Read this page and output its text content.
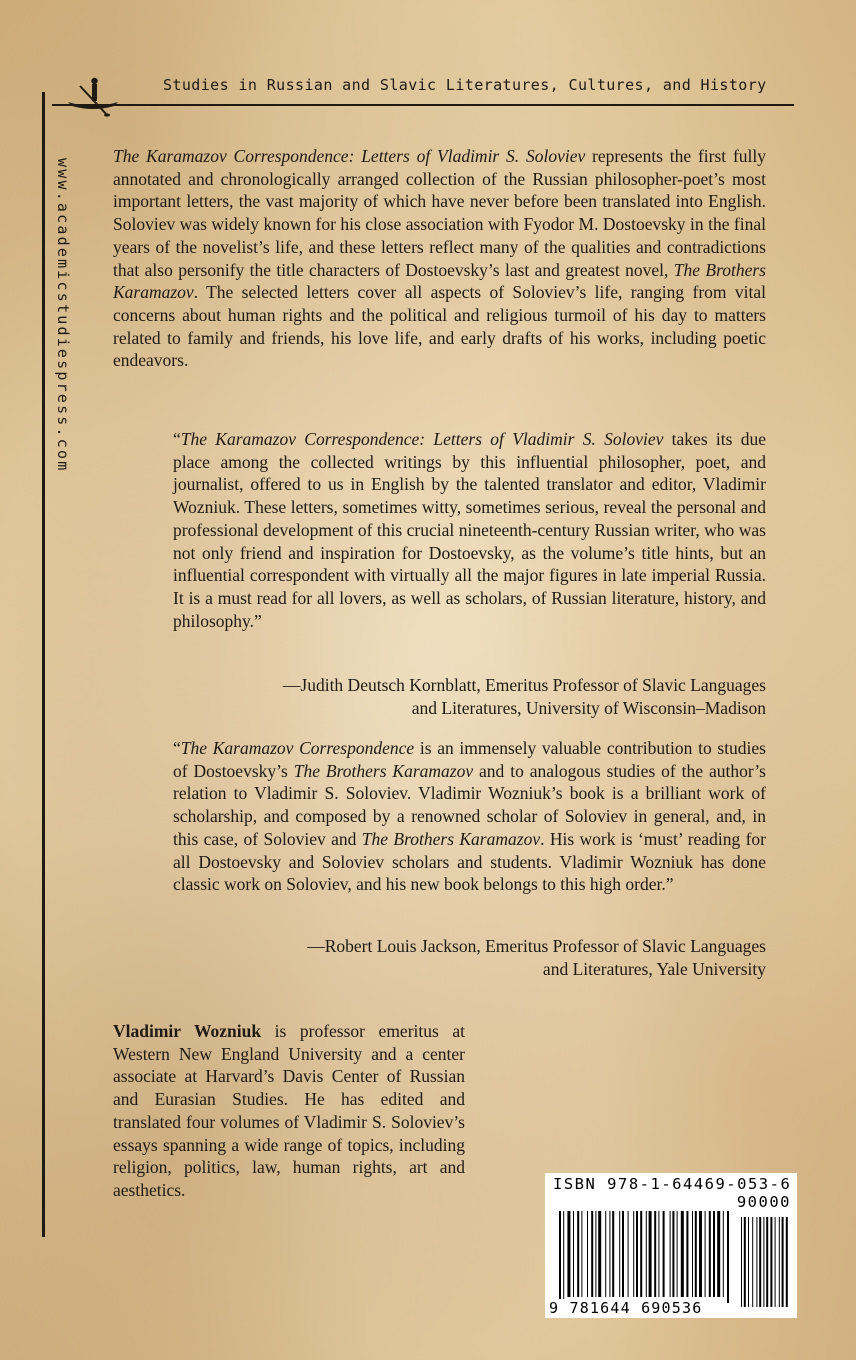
Studies in Russian and Slavic Literatures, Cultures, and History
www.academicstudiespress.com
The Karamazov Correspondence: Letters of Vladimir S. Soloviev represents the first fully annotated and chronologically arranged collection of the Russian philosopher-poet’s most important letters, the vast majority of which have never before been translated into English. Soloviev was widely known for his close association with Fyodor M. Dostoevsky in the final years of the novelist’s life, and these letters reflect many of the qualities and contradictions that also personify the title characters of Dostoevsky’s last and greatest novel, The Brothers Karamazov. The selected letters cover all aspects of Soloviev’s life, ranging from vital concerns about human rights and the political and religious turmoil of his day to matters related to family and friends, his love life, and early drafts of his works, including poetic endeavors.
“The Karamazov Correspondence: Letters of Vladimir S. Soloviev takes its due place among the collected writings by this influential philosopher, poet, and journalist, offered to us in English by the talented translator and editor, Vladimir Wozniuk. These letters, sometimes witty, sometimes serious, reveal the personal and professional development of this crucial nineteenth-century Russian writer, who was not only friend and inspiration for Dostoevsky, as the volume’s title hints, but an influential correspondent with virtually all the major figures in late imperial Russia. It is a must read for all lovers, as well as scholars, of Russian literature, history, and philosophy.”
—Judith Deutsch Kornblatt, Emeritus Professor of Slavic Languages
and Literatures, University of Wisconsin–Madison
“The Karamazov Correspondence is an immensely valuable contribution to studies of Dostoevsky’s The Brothers Karamazov and to analogous studies of the author’s relation to Vladimir S. Soloviev. Vladimir Wozniuk’s book is a brilliant work of scholarship, and composed by a renowned scholar of Soloviev in general, and, in this case, of Soloviev and The Brothers Karamazov. His work is ‘must’ reading for all Dostoevsky and Soloviev scholars and students. Vladimir Wozniuk has done classic work on Soloviev, and his new book belongs to this high order.”
—Robert Louis Jackson, Emeritus Professor of Slavic Languages
and Literatures, Yale University
Vladimir Wozniuk is professor emeritus at Western New England University and a center associate at Harvard’s Davis Center of Russian and Eurasian Studies. He has edited and translated four volumes of Vladimir S. Soloviev’s essays spanning a wide range of topics, including religion, politics, law, human rights, art and aesthetics.	ISBN 978-1-64469-053-6
90000
9 781644 690536
